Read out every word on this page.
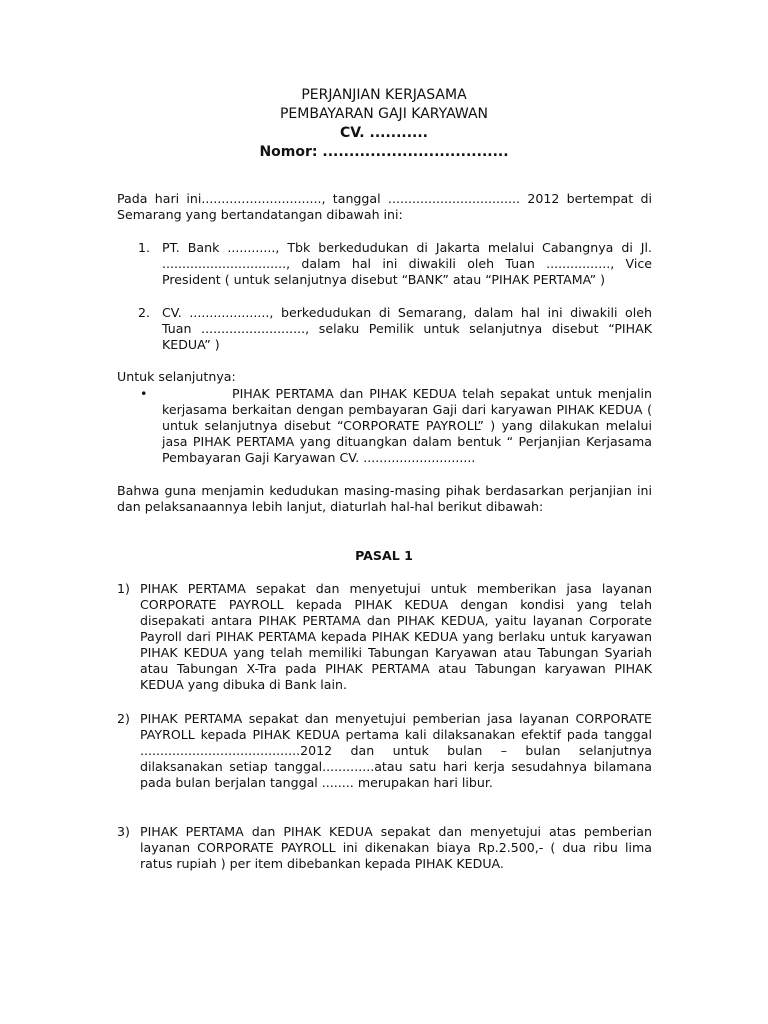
PERJANJIAN KERJASAMA
PEMBAYARAN GAJI KARYAWAN
CV. ...........
Nomor: ...................................
Pada hari ini.............................., tanggal ................................. 2012 bertempat di Semarang yang bertandatangan dibawah ini:
1. PT. Bank ............, Tbk berkedudukan di Jakarta melalui Cabangnya di Jl. ..............................., dalam hal ini diwakili oleh Tuan ................, Vice President ( untuk selanjutnya disebut “BANK” atau “PIHAK PERTAMA” )
2. CV. ...................., berkedudukan di Semarang, dalam hal ini diwakili oleh Tuan .........................., selaku Pemilik untuk selanjutnya disebut “PIHAK KEDUA” )
Untuk selanjutnya:
•	PIHAK PERTAMA dan PIHAK KEDUA telah sepakat untuk menjalin kerjasama berkaitan dengan pembayaran Gaji dari karyawan PIHAK KEDUA ( untuk selanjutnya disebut “CORPORATE PAYROLL” ) yang dilakukan melalui jasa PIHAK PERTAMA yang dituangkan dalam bentuk “ Perjanjian Kerjasama Pembayaran Gaji Karyawan CV. ............................
Bahwa guna menjamin kedudukan masing-masing pihak berdasarkan perjanjian ini dan pelaksanaannya lebih lanjut, diaturlah hal-hal berikut dibawah:
PASAL 1
1) PIHAK PERTAMA sepakat dan menyetujui untuk memberikan jasa layanan CORPORATE PAYROLL kepada PIHAK KEDUA dengan kondisi yang telah disepakati antara PIHAK PERTAMA dan PIHAK KEDUA, yaitu layanan Corporate Payroll dari PIHAK PERTAMA kepada PIHAK KEDUA yang berlaku untuk karyawan PIHAK KEDUA yang telah memiliki Tabungan Karyawan atau Tabungan Syariah atau Tabungan X-Tra pada PIHAK PERTAMA atau Tabungan karyawan PIHAK KEDUA yang dibuka di Bank lain.
2) PIHAK PERTAMA sepakat dan menyetujui pemberian jasa layanan CORPORATE PAYROLL kepada PIHAK KEDUA pertama kali dilaksanakan efektif pada tanggal ........................................2012 dan untuk bulan – bulan selanjutnya dilaksanakan setiap tanggal.............atau satu hari kerja sesudahnya bilamana pada bulan berjalan tanggal ........ merupakan hari libur.
3) PIHAK PERTAMA dan PIHAK KEDUA sepakat dan menyetujui atas pemberian layanan CORPORATE PAYROLL ini dikenakan biaya Rp.2.500,- ( dua ribu lima ratus rupiah ) per item dibebankan kepada PIHAK KEDUA.
